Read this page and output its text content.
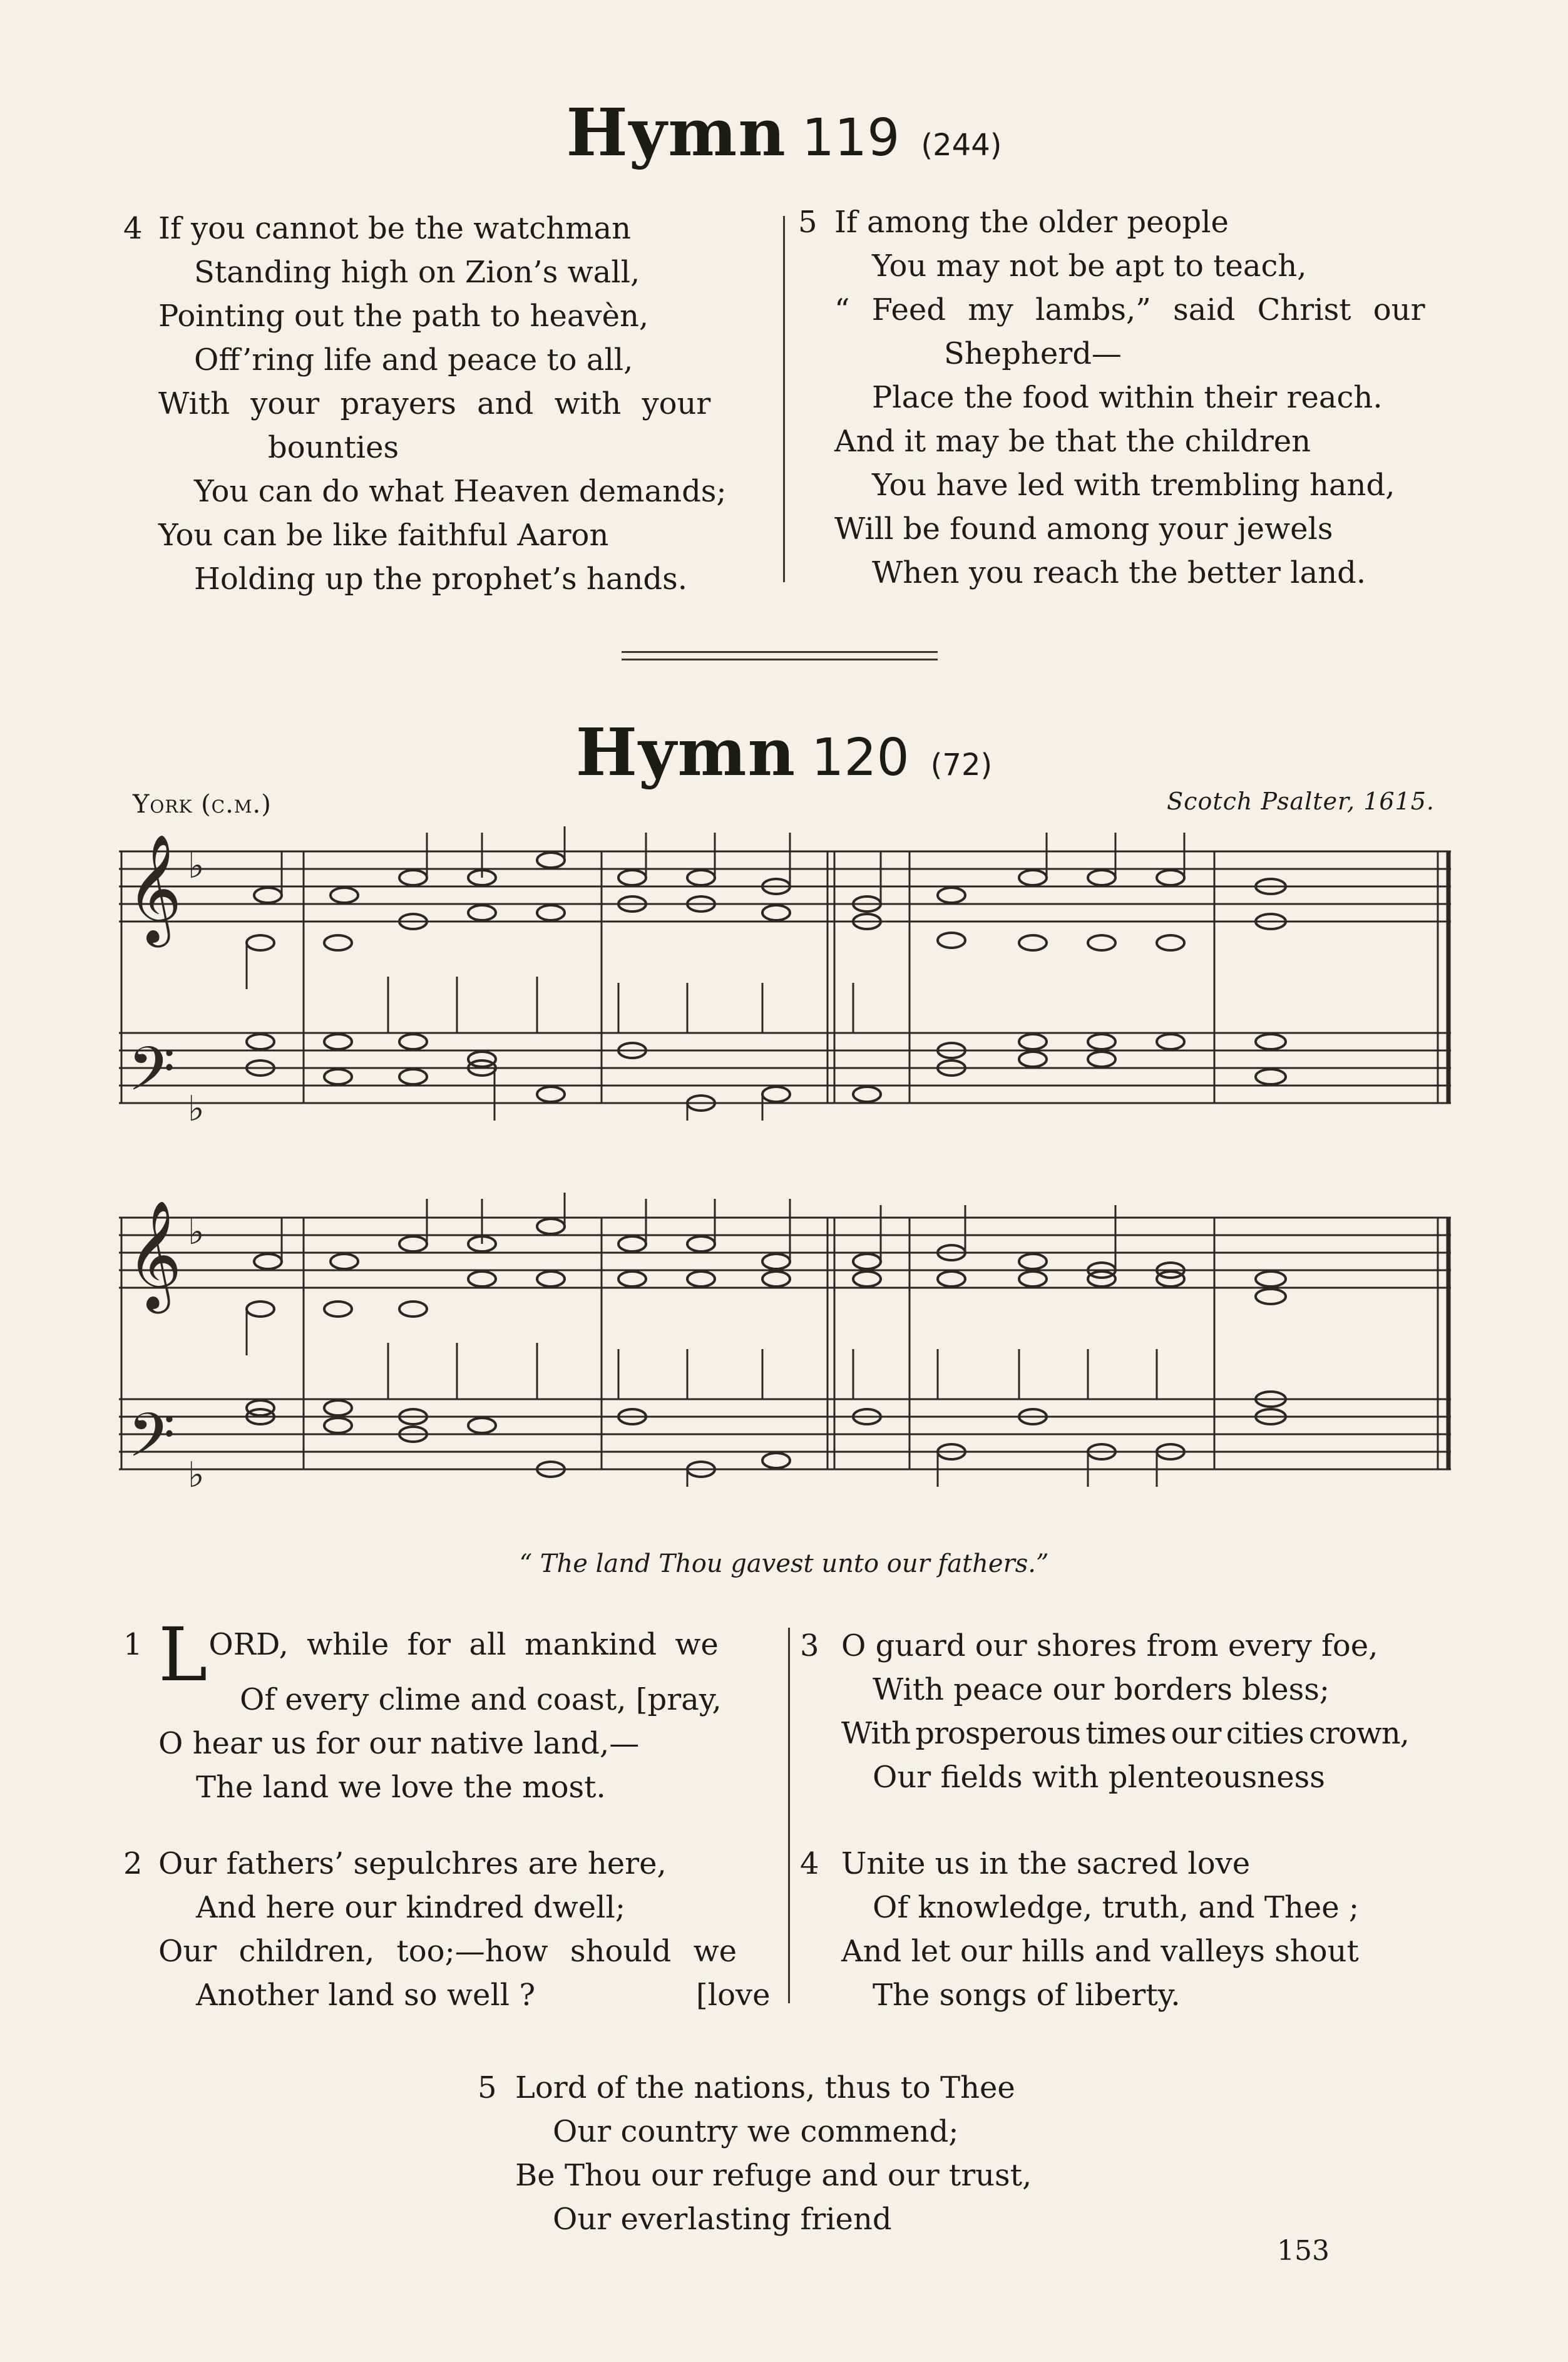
Hymn 119 (244)
4 If you cannot be the watchman
Standing high on Zion’s wall,
Pointing out the path to heavèn,
Off’ring life and peace to all,
With your prayers and with your
bounties
You can do what Heaven demands;
You can be like faithful Aaron
Holding up the prophet’s hands.
5 If among the older people
You may not be apt to teach,
“ Feed my lambs,” said Christ our
Shepherd—
Place the food within their reach.
And it may be that the children
You have led with trembling hand,
Will be found among your jewels
When you reach the better land.
Hymn 120 (72)
York (c.m.)	Scotch Psalter, 1615.
𝄞
𝄢
♭
♭
𝄞
𝄢
♭
♭
“ The land Thou gavest unto our fathers.”
1 LORD, while for all mankind we
Of every clime and coast, [pray,
O hear us for our native land,—
The land we love the most.
2 Our fathers’ sepulchres are here,
And here our kindred dwell;
Our children, too;—how should we
Another land so well ?	[love
3 O guard our shores from every foe,
With peace our borders bless;
With prosperous times our cities crown,
Our fields with plenteousness
4 Unite us in the sacred love
Of knowledge, truth, and Thee ;
And let our hills and valleys shout
The songs of liberty.
5 Lord of the nations, thus to Thee
Our country we commend;
Be Thou our refuge and our trust,
Our everlasting friend
153
